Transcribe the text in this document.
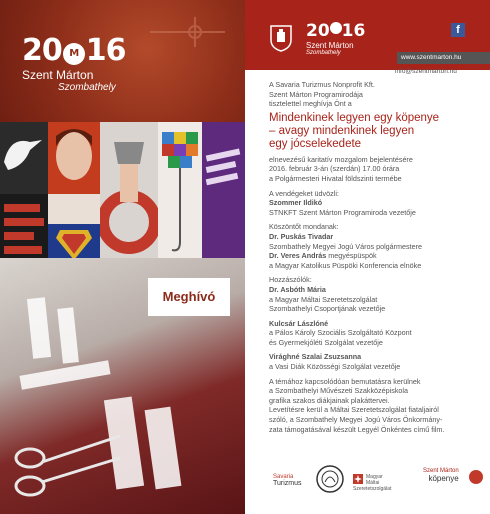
20 M 16
Szent Márton
Szombathely
Meghívó
20 16
Szent Márton
Szombathely
f
www.szentmarton.hu
info@szentmarton.hu

A Savaria Turizmus Nonprofit Kft.

Szent Márton Programirodája

tisztelettel meghívja Önt a

Mindenkinek legyen egy köpenye
– avagy mindenkinek legyen
egy jócselekedete

elnevezésű karitatív mozgalom bejelentésére

2016. február 3-án (szerdán) 17.00 órára

a Polgármesteri Hivatal földszinti termébe

A vendégeket üdvözli:

Szommer Ildikó

STNKFT Szent Márton Programiroda vezetője

Köszöntőt mondanak:

Dr. Puskás Tivadar

Szombathely Megyei Jogú Város polgármestere

Dr. Veres András megyéspüspök

a Magyar Katolikus Püspöki Konferencia elnöke

Hozzászólók:

Dr. Asbóth Mária

a Magyar Máltai Szeretetszolgálat

Szombathelyi Csoportjának vezetője

Kulcsár Lászlóné

a Pálos Károly Szociális Szolgáltató Központ

és Gyermekjóléti Szolgálat vezetője

Virághné Szalai Zsuzsanna

a Vasi Diák Közösségi Szolgálat vezetője

A témához kapcsolódóan bemutatásra kerülnek

a Szombathelyi Művészeti Szakközépiskola

grafika szakos diákjainak plakáttervei.

Levetítésre kerül a Máltai Szeretetszolgálat fiataljairól

szóló, a Szombathely Megyei Jogú Város Önkormány-

zata támogatásával készült Legyél Önkéntes című film.

Savaria
Turizmus
Magyar Máltai
Szeretetszolgálat
Szent Márton
köpenye
